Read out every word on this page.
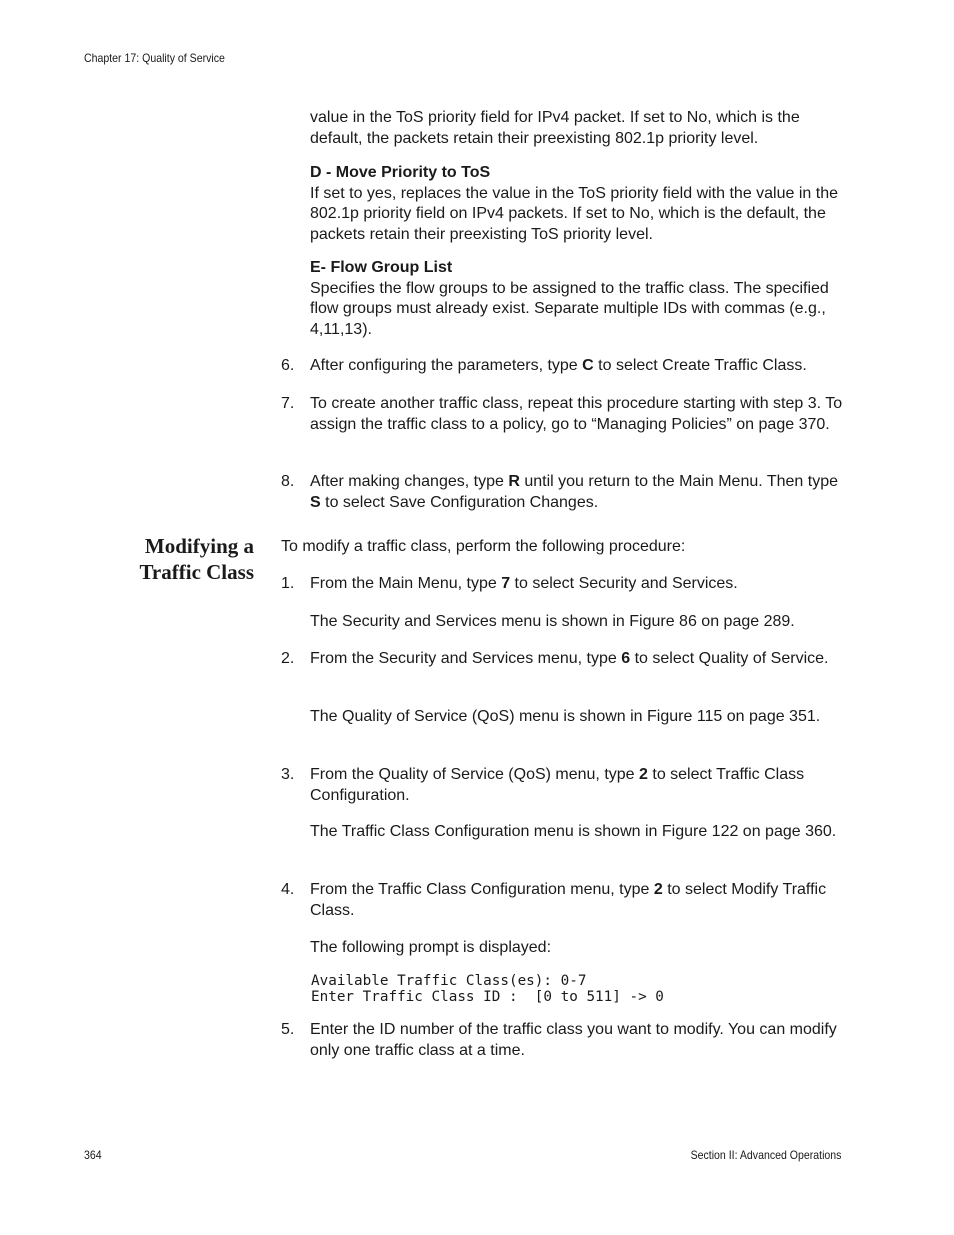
Chapter 17: Quality of Service

value in the ToS priority field for IPv4 packet. If set to No, which is the default, the packets retain their preexisting 802.1p priority level.

D - Move Priority to ToS

If set to yes, replaces the value in the ToS priority field with the value in the 802.1p priority field on IPv4 packets. If set to No, which is the default, the packets retain their preexisting ToS priority level.

E- Flow Group List

Specifies the flow groups to be assigned to the traffic class. The specified flow groups must already exist. Separate multiple IDs with commas (e.g., 4,11,13).

6. After configuring the parameters, type C to select Create Traffic Class.
7. To create another traffic class, repeat this procedure starting with step 3. To assign the traffic class to a policy, go to “Managing Policies” on page 370.
8. After making changes, type R until you return to the Main Menu. Then type S to select Save Configuration Changes.
Modifying a
Traffic Class
To modify a traffic class, perform the following procedure:
1. From the Main Menu, type 7 to select Security and Services.
The Security and Services menu is shown in Figure 86 on page 289.
2. From the Security and Services menu, type 6 to select Quality of Service.
The Quality of Service (QoS) menu is shown in Figure 115 on page 351.
3. From the Quality of Service (QoS) menu, type 2 to select Traffic Class Configuration.
The Traffic Class Configuration menu is shown in Figure 122 on page 360.
4. From the Traffic Class Configuration menu, type 2 to select Modify Traffic Class.
The following prompt is displayed:
Available Traffic Class(es): 0-7
Enter Traffic Class ID :  [0 to 511] -> 0
5. Enter the ID number of the traffic class you want to modify. You can modify only one traffic class at a time.
364	Section II: Advanced Operations
